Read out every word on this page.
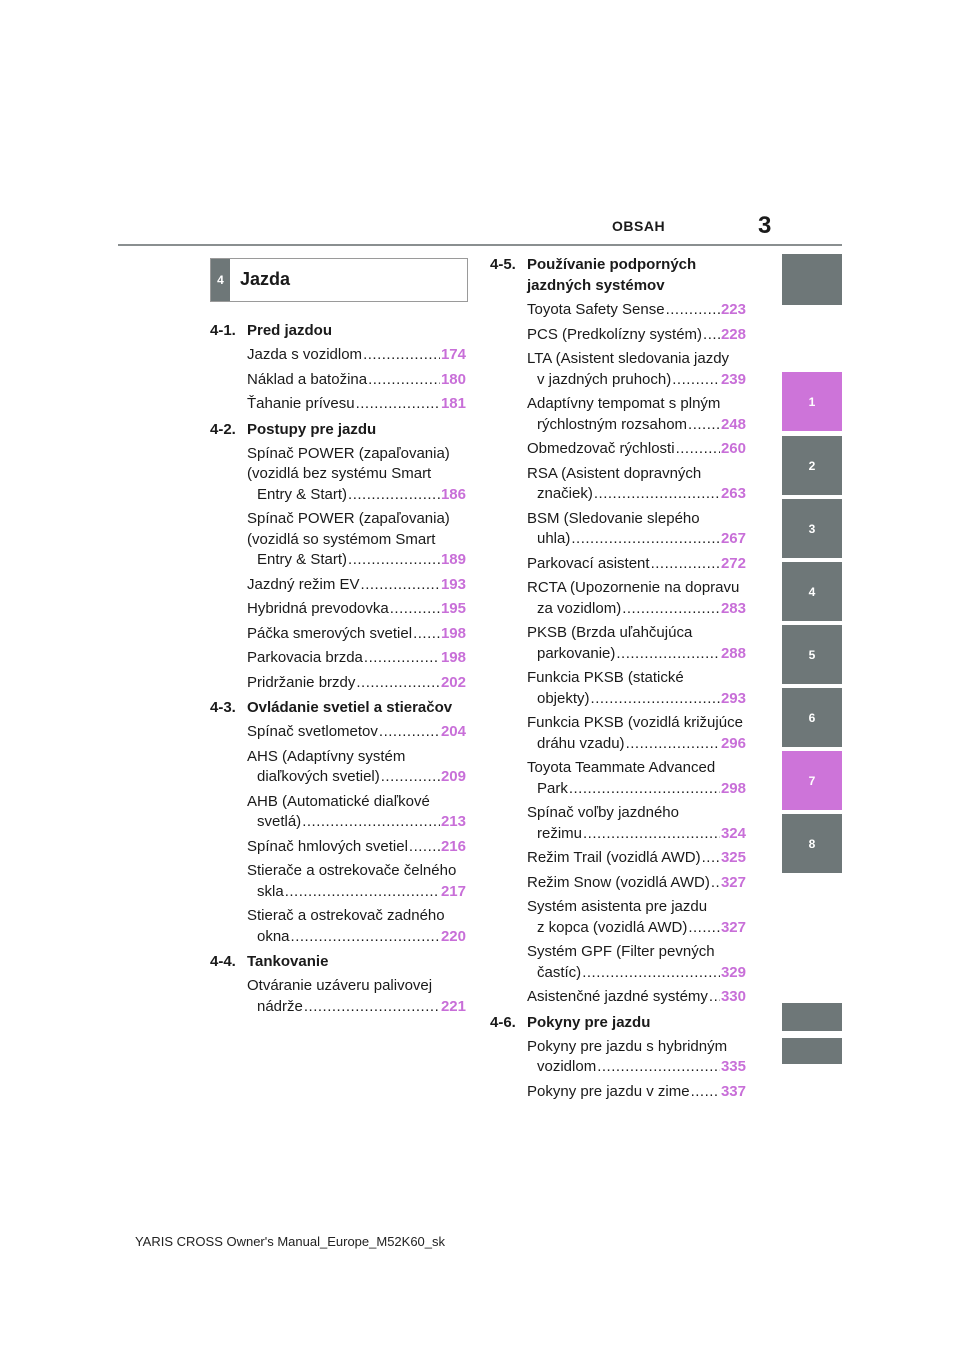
OBSAH	3
4 Jazda
4-1. Pred jazdou
Jazda s vozidlom .....	174
Náklad a batožina .....	180
Ťahanie prívesu .....	181
4-2. Postupy pre jazdu
Spínač POWER (zapaľovania)
(vozidlá bez systému Smart
Entry & Start) .....	186
Spínač POWER (zapaľovania)
(vozidlá so systémom Smart
Entry & Start) .....	189
Jazdný režim EV .....	193
Hybridná prevodovka .....	195
Páčka smerových svetiel ..... 198
Parkovacia brzda .....	198
Pridržanie brzdy .....	202
4-3. Ovládanie svetiel a stieračov
Spínač svetlometov .....	204
AHS (Adaptívny systém
diaľkových svetiel) .....	209
AHB (Automatické diaľkové
svetlá) .....	213
Spínač hmlových svetiel ..... 216
Stierače a ostrekovače čelného
skla .....	217
Stierač a ostrekovač zadného
okna .....	220
4-4. Tankovanie
Otváranie uzáveru palivovej
nádrže .....	221
4-5. Používanie podporných jazdných systémov
Toyota Safety Sense .....	223
PCS (Predkolízny systém) ..... 228
LTA (Asistent sledovania jazdy
v jazdných pruhoch) .....	239
Adaptívny tempomat s plným
rýchlostným rozsahom ..... 248
Obmedzovač rýchlosti .....	260
RSA (Asistent dopravných
značiek) .....	263
BSM (Sledovanie slepého
uhla) .....	267
Parkovací asistent .....	272
RCTA (Upozornenie na dopravu
za vozidlom) .....	283
PKSB (Brzda uľahčujúca
parkovanie) .....	288
Funkcia PKSB (statické
objekty) .....	293
Funkcia PKSB (vozidlá križujúce
dráhu vzadu) .....	296
Toyota Teammate Advanced
Park .....	298
Spínač voľby jazdného
režimu .....	324
Režim Trail (vozidlá AWD) ..... 325
Režim Snow (vozidlá AWD) ..... 327
Systém asistenta pre jazdu
z kopca (vozidlá AWD) ..... 327
Systém GPF (Filter pevných
častíc) .....	329
Asistenčné jazdné systémy ..... 330
4-6. Pokyny pre jazdu
Pokyny pre jazdu s hybridným
vozidlom .....	335
Pokyny pre jazdu v zime ..... 337
1
2
3
4
5
6
7
8
YARIS CROSS Owner's Manual_Europe_M52K60_sk
